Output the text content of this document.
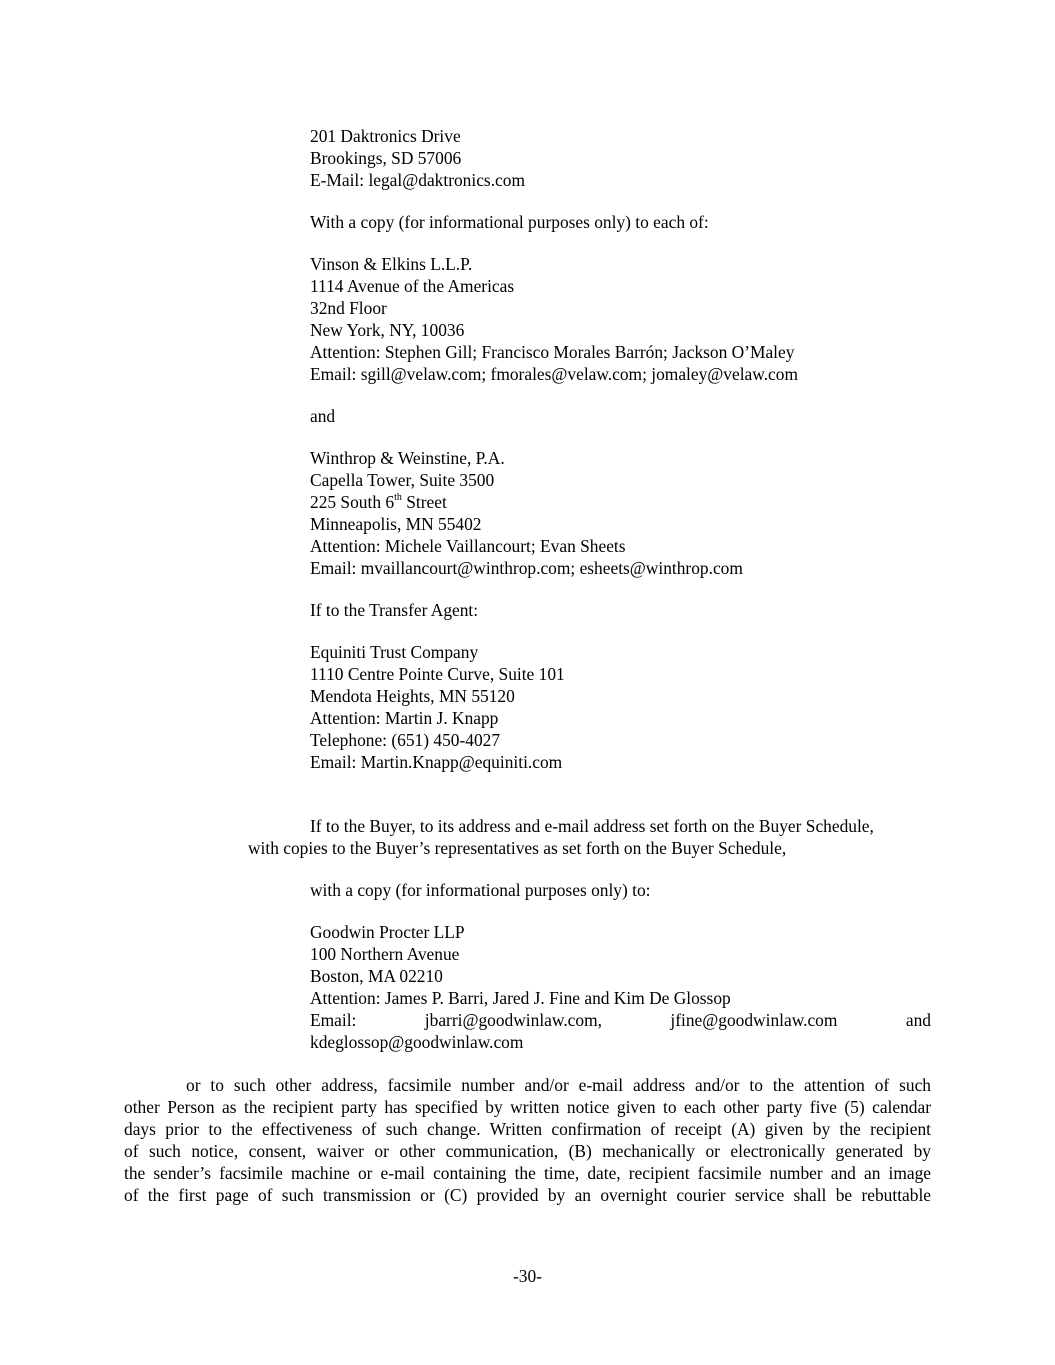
201 Daktronics Drive
Brookings, SD 57006
E-Mail: legal@daktronics.com
With a copy (for informational purposes only) to each of:
Vinson & Elkins L.L.P.
1114 Avenue of the Americas
32nd Floor
New York, NY, 10036
Attention: Stephen Gill; Francisco Morales Barrón; Jackson O’Maley
Email: sgill@velaw.com; fmorales@velaw.com; jomaley@velaw.com
and
Winthrop & Weinstine, P.A.
Capella Tower, Suite 3500
225 South 6th Street
Minneapolis, MN 55402
Attention: Michele Vaillancourt; Evan Sheets
Email: mvaillancourt@winthrop.com; esheets@winthrop.com
If to the Transfer Agent:
Equiniti Trust Company
1110 Centre Pointe Curve, Suite 101
Mendota Heights, MN 55120
Attention: Martin J. Knapp
Telephone: (651) 450-4027
Email: Martin.Knapp@equiniti.com
If to the Buyer, to its address and e-mail address set forth on the Buyer Schedule,
with copies to the Buyer’s representatives as set forth on the Buyer Schedule,
with a copy (for informational purposes only) to:
Goodwin Procter LLP
100 Northern Avenue
Boston, MA 02210
Attention: James P. Barri, Jared J. Fine and Kim De Glossop
Email:	jbarri@goodwinlaw.com,	jfine@goodwinlaw.com	and
kdeglossop@goodwinlaw.com
or to such other address, facsimile number and/or e-mail address and/or to the attention of such
other Person as the recipient party has specified by written notice given to each other party five (5) calendar
days prior to the effectiveness of such change. Written confirmation of receipt (A) given by the recipient
of such notice, consent, waiver or other communication, (B) mechanically or electronically generated by
the sender’s facsimile machine or e-mail containing the time, date, recipient facsimile number and an image
of the first page of such transmission or (C) provided by an overnight courier service shall be rebuttable
-30-
